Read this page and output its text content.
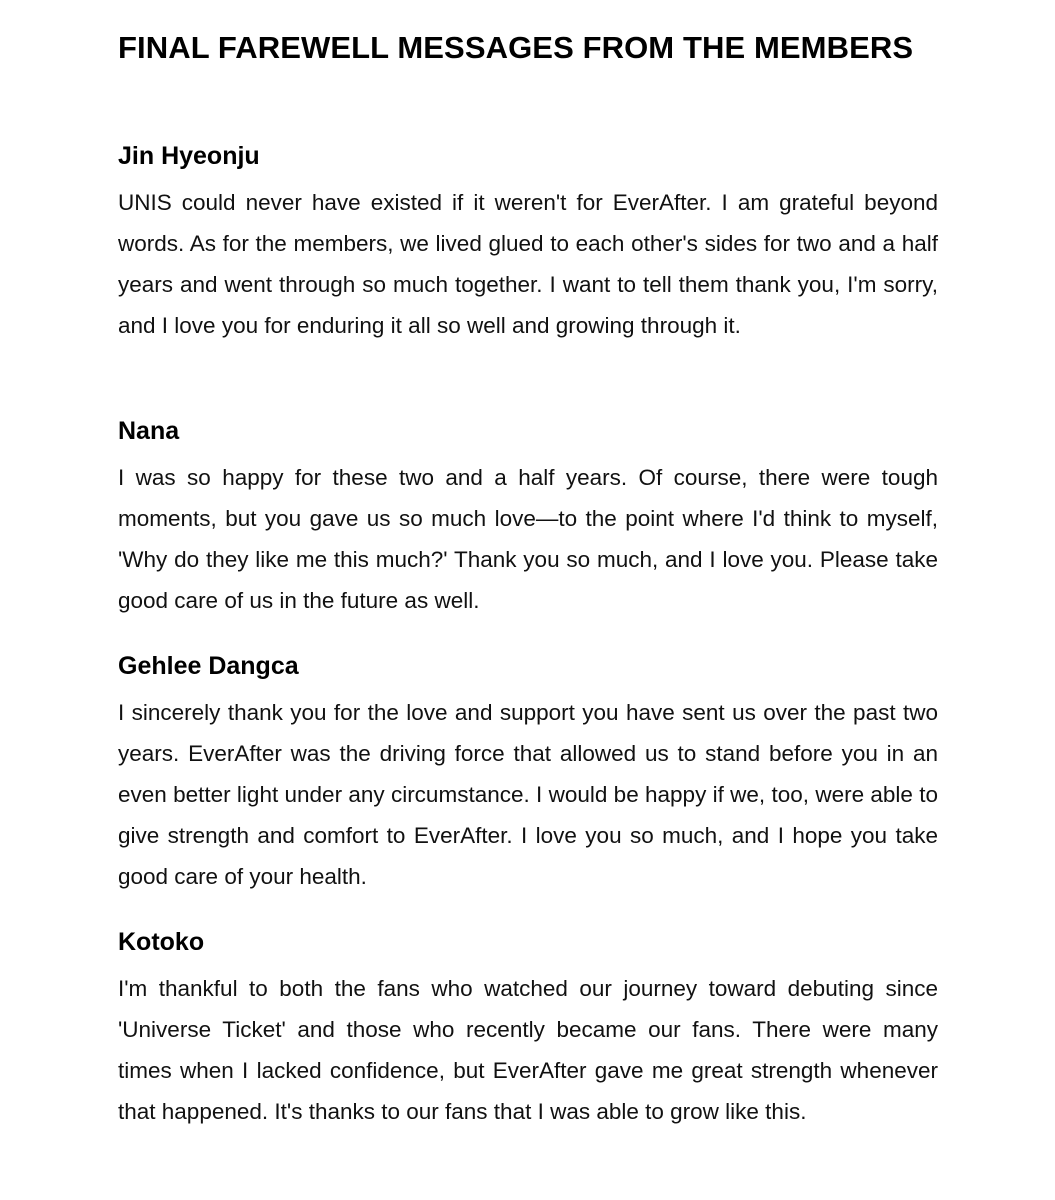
FINAL FAREWELL MESSAGES FROM THE MEMBERS
Jin Hyeonju

UNIS could never have existed if it weren't for EverAfter. I am grateful beyond words. As for the members, we lived glued to each other's sides for two and a half years and went through so much together. I want to tell them thank you, I'm sorry, and I love you for enduring it all so well and growing through it.

Nana

I was so happy for these two and a half years. Of course, there were tough moments, but you gave us so much love—to the point where I'd think to myself, 'Why do they like me this much?' Thank you so much, and I love you. Please take good care of us in the future as well.

Gehlee Dangca

I sincerely thank you for the love and support you have sent us over the past two years. EverAfter was the driving force that allowed us to stand before you in an even better light under any circumstance. I would be happy if we, too, were able to give strength and comfort to EverAfter. I love you so much, and I hope you take good care of your health.

Kotoko

I'm thankful to both the fans who watched our journey toward debuting since 'Universe Ticket' and those who recently became our fans. There were many times when I lacked confidence, but EverAfter gave me great strength whenever that happened. It's thanks to our fans that I was able to grow like this.
